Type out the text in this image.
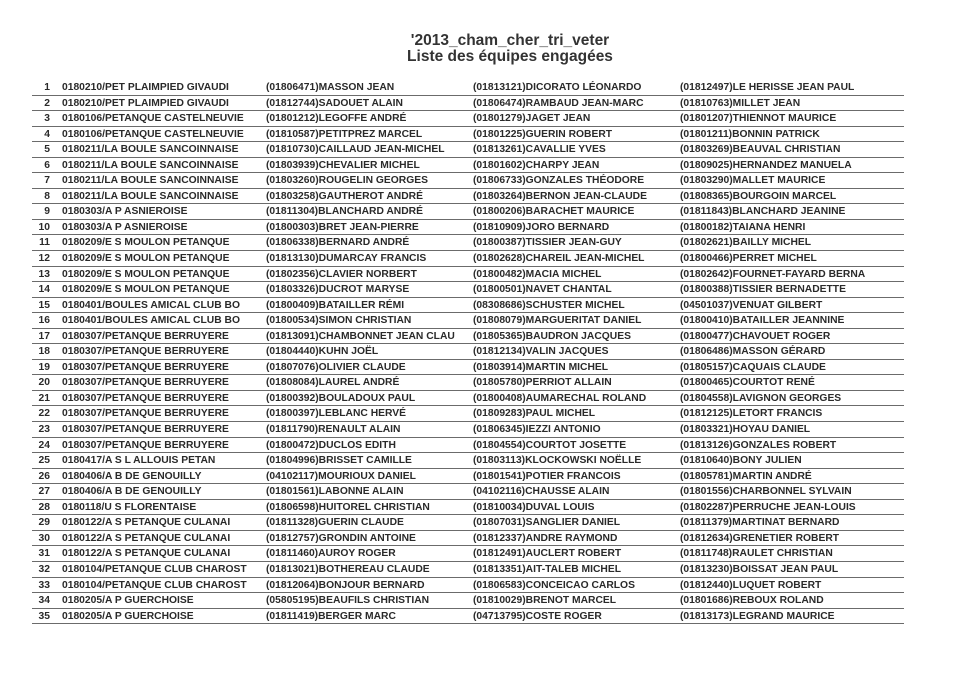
'2013_cham_cher_tri_veter
Liste des équipes engagées
1 0180210/PET PLAIMPIED GIVAUDI	(01806471)MASSON JEAN	(01813121)DICORATO LÉONARDO	(01812497)LE HERISSE JEAN PAUL
2 0180210/PET PLAIMPIED GIVAUDI	(01812744)SADOUET ALAIN	(01806474)RAMBAUD JEAN-MARC	(01810763)MILLET JEAN
3 0180106/PETANQUE CASTELNEUVIE	(01801212)LEGOFFE ANDRÉ	(01801279)JAGET JEAN	(01801207)THIENNOT MAURICE
4 0180106/PETANQUE CASTELNEUVIE	(01810587)PETITPREZ MARCEL	(01801225)GUERIN ROBERT	(01801211)BONNIN PATRICK
5 0180211/LA BOULE SANCOINNAISE	(01810730)CAILLAUD JEAN-MICHEL	(01813261)CAVALLIE YVES	(01803269)BEAUVAL CHRISTIAN
6 0180211/LA BOULE SANCOINNAISE	(01803939)CHEVALIER MICHEL	(01801602)CHARPY JEAN	(01809025)HERNANDEZ MANUELA
7 0180211/LA BOULE SANCOINNAISE	(01803260)ROUGELIN GEORGES	(01806733)GONZALES THÉODORE	(01803290)MALLET MAURICE
8 0180211/LA BOULE SANCOINNAISE	(01803258)GAUTHEROT ANDRÉ	(01803264)BERNON JEAN-CLAUDE	(01808365)BOURGOIN MARCEL
9 0180303/A P ASNIEROISE	(01811304)BLANCHARD ANDRÉ	(01800206)BARACHET MAURICE	(01811843)BLANCHARD JEANINE
10 0180303/A P ASNIEROISE	(01800303)BRET JEAN-PIERRE	(01810909)JORO BERNARD	(01800182)TAIANA HENRI
11 0180209/E S MOULON PETANQUE	(01806338)BERNARD ANDRÉ	(01800387)TISSIER JEAN-GUY	(01802621)BAILLY MICHEL
12 0180209/E S MOULON PETANQUE	(01813130)DUMARCAY FRANCIS	(01802628)CHAREIL JEAN-MICHEL	(01800466)PERRET MICHEL
13 0180209/E S MOULON PETANQUE	(01802356)CLAVIER NORBERT	(01800482)MACIA MICHEL	(01802642)FOURNET-FAYARD BERNA
14 0180209/E S MOULON PETANQUE	(01803326)DUCROT MARYSE	(01800501)NAVET CHANTAL	(01800388)TISSIER BERNADETTE
15 0180401/BOULES AMICAL CLUB BO	(01800409)BATAILLER RÉMI	(08308686)SCHUSTER MICHEL	(04501037)VENUAT GILBERT
16 0180401/BOULES AMICAL CLUB BO	(01800534)SIMON CHRISTIAN	(01808079)MARGUERITAT DANIEL	(01800410)BATAILLER JEANNINE
17 0180307/PETANQUE BERRUYERE	(01813091)CHAMBONNET JEAN CLAU	(01805365)BAUDRON JACQUES	(01800477)CHAVOUET ROGER
18 0180307/PETANQUE BERRUYERE	(01804440)KUHN JOËL	(01812134)VALIN JACQUES	(01806486)MASSON GÉRARD
19 0180307/PETANQUE BERRUYERE	(01807076)OLIVIER CLAUDE	(01803914)MARTIN MICHEL	(01805157)CAQUAIS CLAUDE
20 0180307/PETANQUE BERRUYERE	(01808084)LAUREL ANDRÉ	(01805780)PERRIOT ALLAIN	(01800465)COURTOT RENÉ
21 0180307/PETANQUE BERRUYERE	(01800392)BOULADOUX PAUL	(01800408)AUMARECHAL ROLAND	(01804558)LAVIGNON GEORGES
22 0180307/PETANQUE BERRUYERE	(01800397)LEBLANC HERVÉ	(01809283)PAUL MICHEL	(01812125)LETORT FRANCIS
23 0180307/PETANQUE BERRUYERE	(01811790)RENAULT ALAIN	(01806345)IEZZI ANTONIO	(01803321)HOYAU DANIEL
24 0180307/PETANQUE BERRUYERE	(01800472)DUCLOS EDITH	(01804554)COURTOT JOSETTE	(01813126)GONZALES ROBERT
25 0180417/A S L ALLOUIS PETAN	(01804996)BRISSET CAMILLE	(01803113)KLOCKOWSKI NOËLLE	(01810640)BONY JULIEN
26 0180406/A B DE GENOUILLY	(04102117)MOURIOUX DANIEL	(01801541)POTIER FRANCOIS	(01805781)MARTIN ANDRÉ
27 0180406/A B DE GENOUILLY	(01801561)LABONNE ALAIN	(04102116)CHAUSSE ALAIN	(01801556)CHARBONNEL SYLVAIN
28 0180118/U S FLORENTAISE	(01806598)HUITOREL CHRISTIAN	(01810034)DUVAL LOUIS	(01802287)PERRUCHE JEAN-LOUIS
29 0180122/A S PETANQUE CULANAI	(01811328)GUERIN CLAUDE	(01807031)SANGLIER DANIEL	(01811379)MARTINAT BERNARD
30 0180122/A S PETANQUE CULANAI	(01812757)GRONDIN ANTOINE	(01812337)ANDRE RAYMOND	(01812634)GRENETIER ROBERT
31 0180122/A S PETANQUE CULANAI	(01811460)AUROY ROGER	(01812491)AUCLERT ROBERT	(01811748)RAULET CHRISTIAN
32 0180104/PETANQUE CLUB CHAROST	(01813021)BOTHEREAU CLAUDE	(01813351)AIT-TALEB MICHEL	(01813230)BOISSAT JEAN PAUL
33 0180104/PETANQUE CLUB CHAROST	(01812064)BONJOUR BERNARD	(01806583)CONCEICAO CARLOS	(01812440)LUQUET ROBERT
34 0180205/A P GUERCHOISE	(05805195)BEAUFILS CHRISTIAN	(01810029)BRENOT MARCEL	(01801686)REBOUX ROLAND
35 0180205/A P GUERCHOISE	(01811419)BERGER MARC	(04713795)COSTE ROGER	(01813173)LEGRAND MAURICE
